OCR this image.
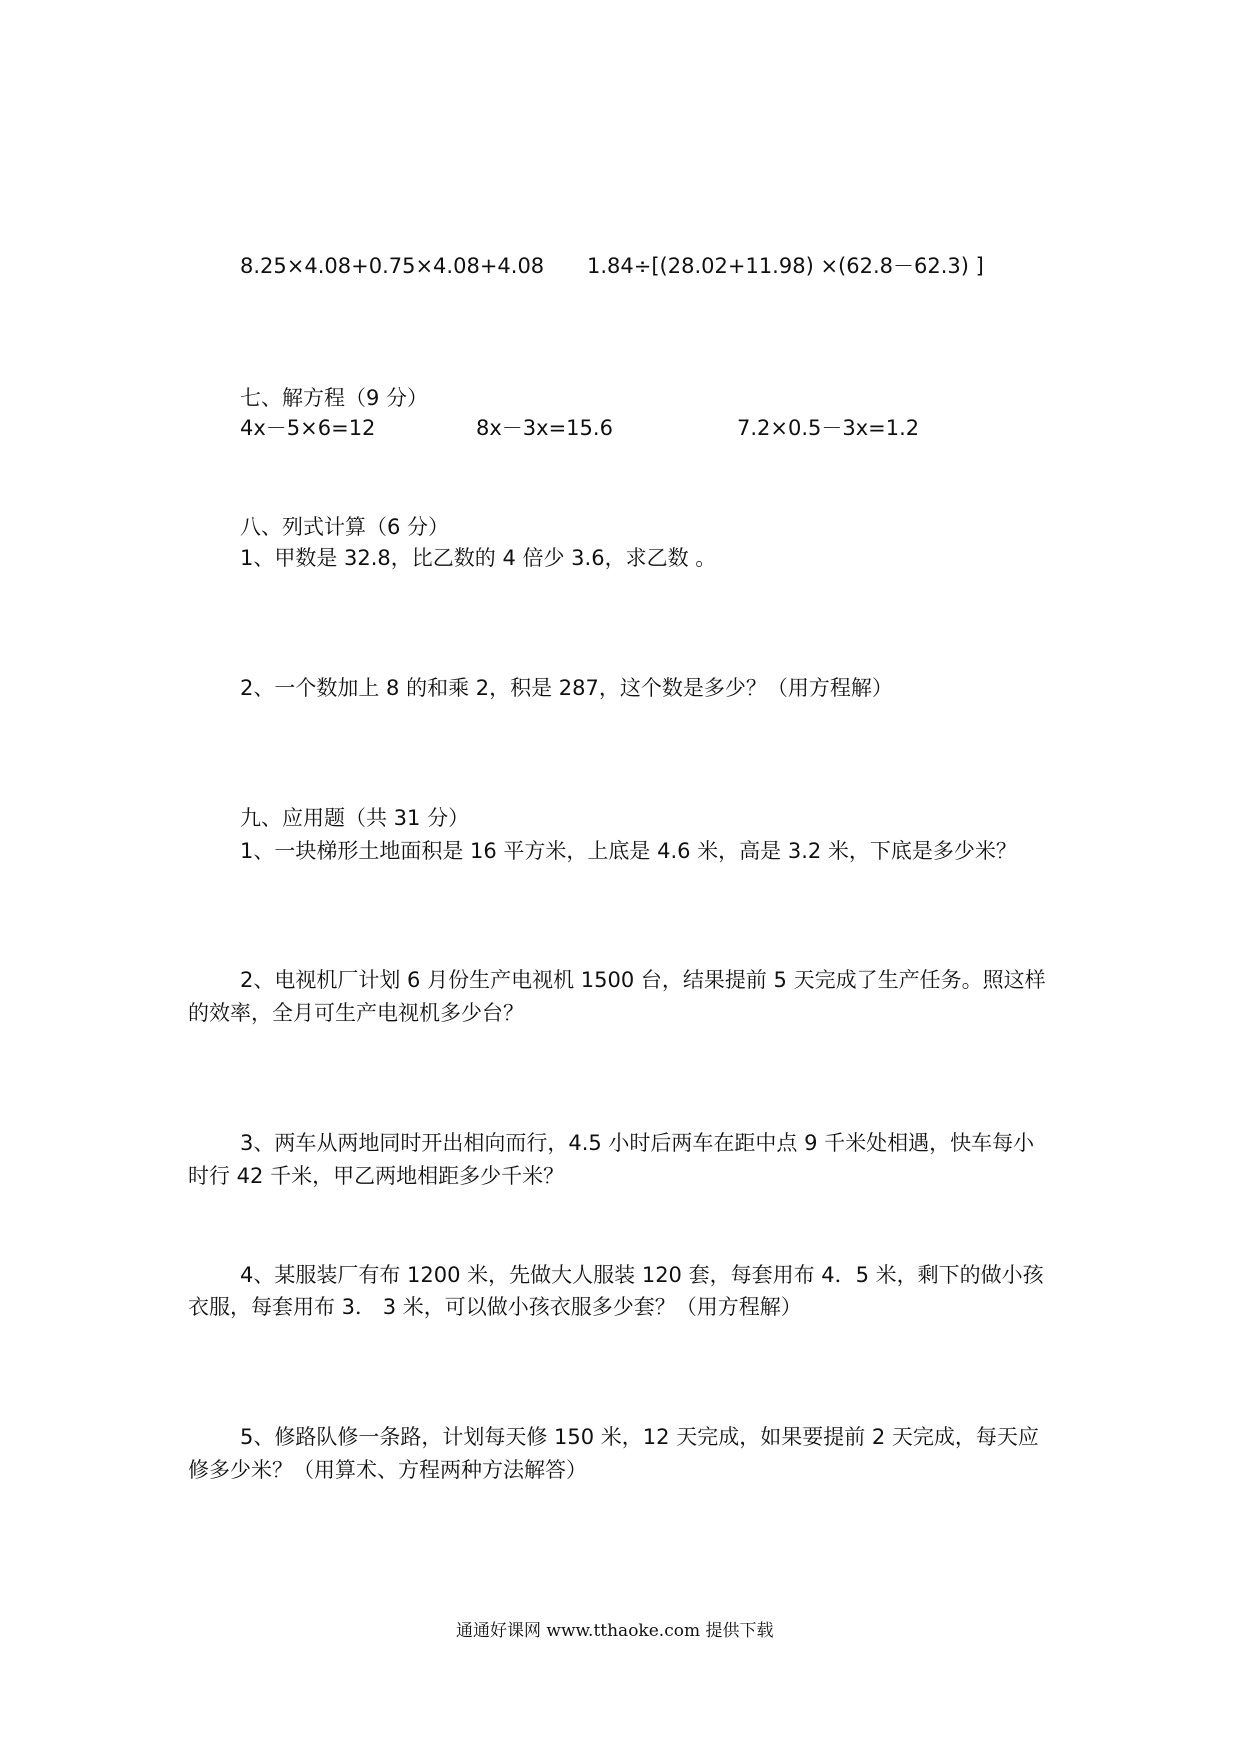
8.25×4.08+0.75×4.08+4.08 1.84÷[(28.02+11.98) ×(62.8－62.3) ]

七、解方程（9 分）

4x－5×6=12	8x－3x=15.6	7.2×0.5－3x=1.2

八、列式计算（6 分）

1、甲数是 32.8，比乙数的 4 倍少 3.6，求乙数 。

2、一个数加上 8 的和乘 2，积是 287，这个数是多少？（用方程解）

九、应用题（共 31 分）

1、一块梯形土地面积是 16 平方米，上底是 4.6 米，高是 3.2 米，下底是多少米？

2、电视机厂计划 6 月份生产电视机 1500 台，结果提前 5 天完成了生产任务。照这样

的效率，全月可生产电视机多少台？

3、两车从两地同时开出相向而行，4.5 小时后两车在距中点 9 千米处相遇，快车每小

时行 42 千米，甲乙两地相距多少千米？

4、某服装厂有布 1200 米，先做大人服装 120 套，每套用布 4．5 米，剩下的做小孩

衣服，每套用布 3． 3 米，可以做小孩衣服多少套？（用方程解）

5、修路队修一条路，计划每天修 150 米，12 天完成，如果要提前 2 天完成，每天应

修多少米？（用算术、方程两种方法解答）

通通好课网 www.tthaoke.com 提供下载
